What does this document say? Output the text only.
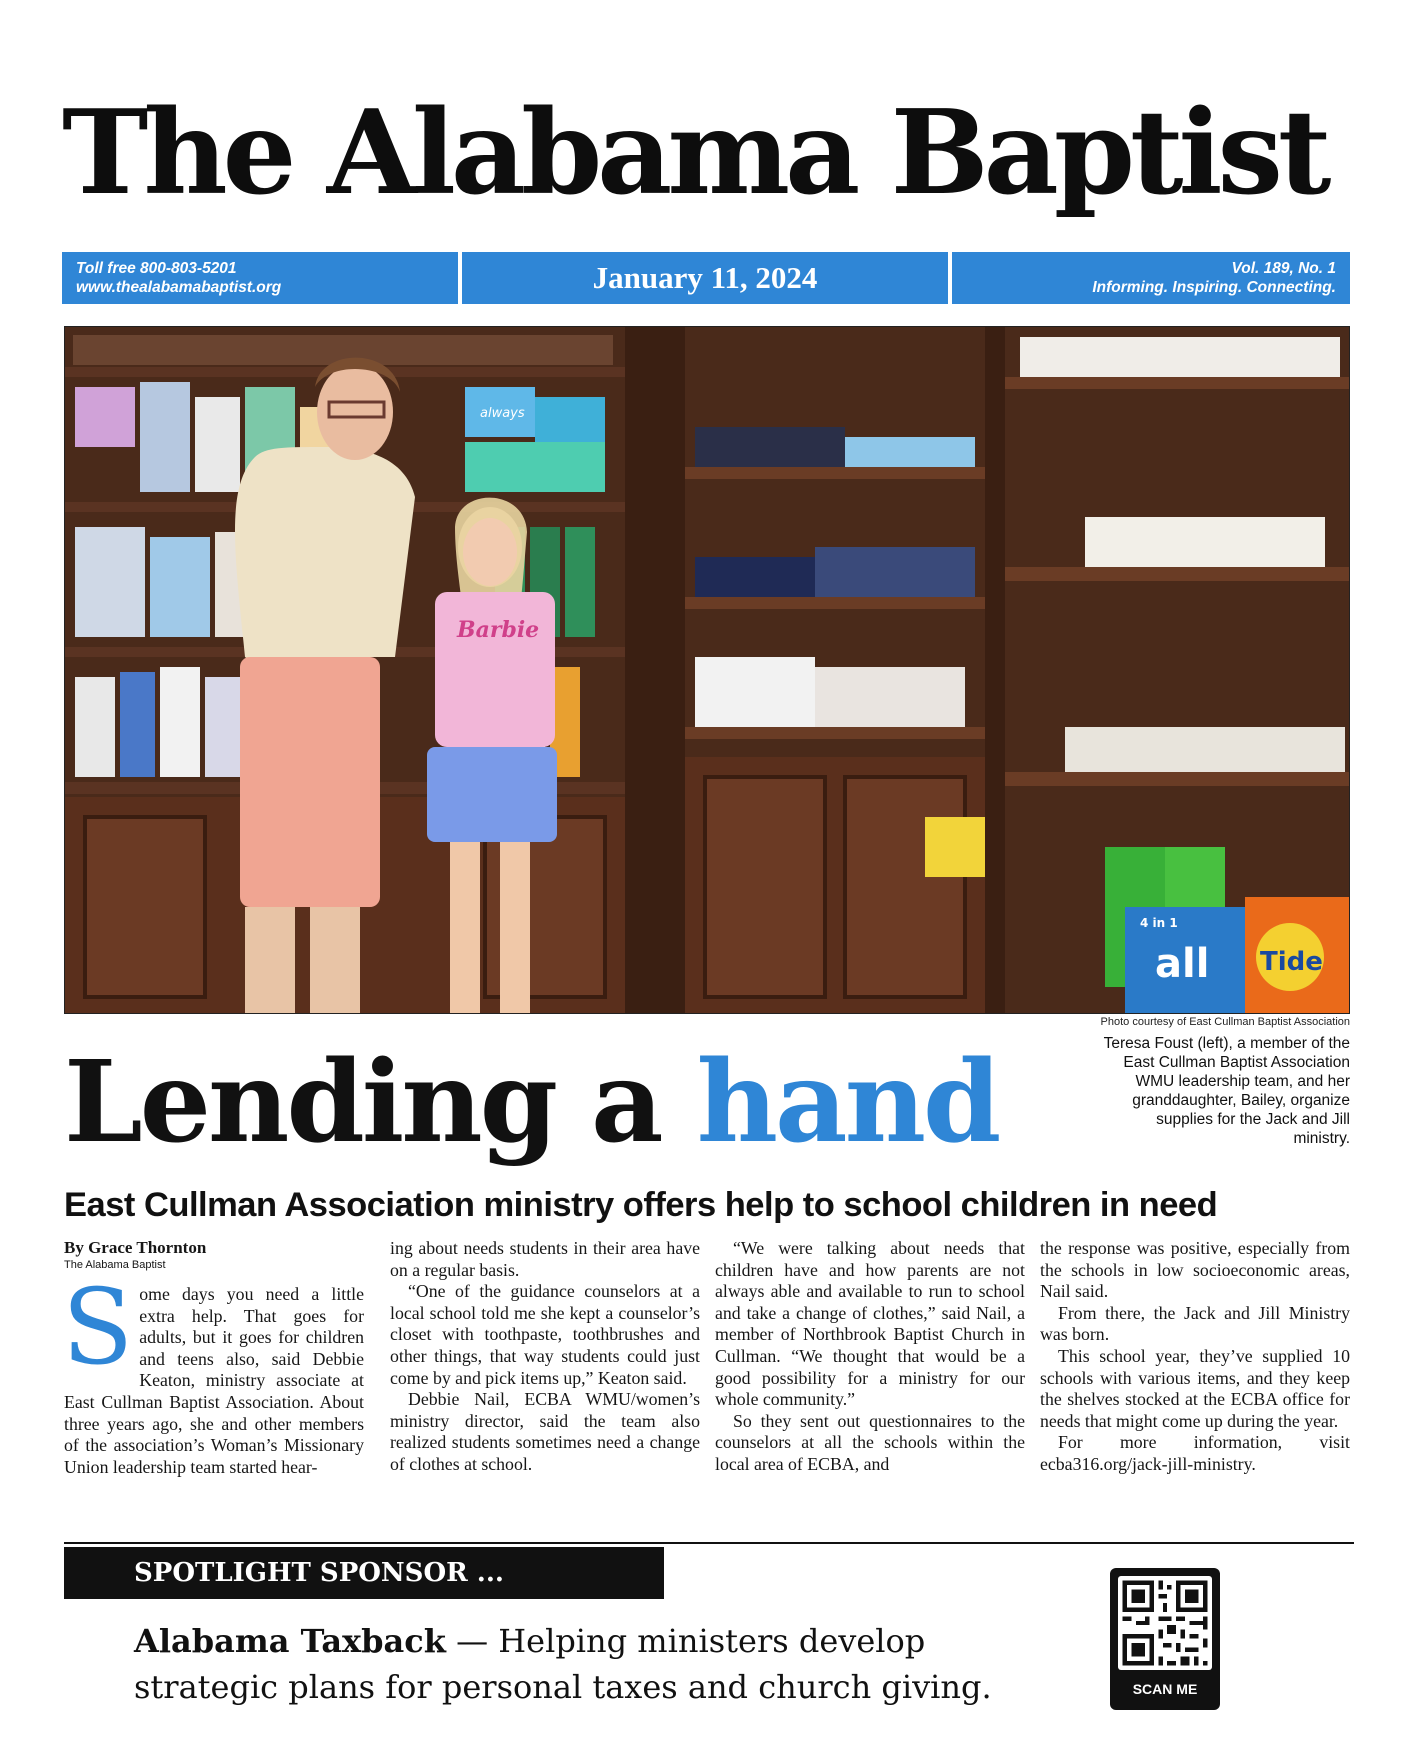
The Alabama Baptist
Toll free 800-803-5201
www.thealabamabaptist.org	January 11, 2024	Vol. 189, No. 1
Informing. Inspiring. Connecting.
all Tide
4 in 1
always
Barbie
Photo courtesy of East Cullman Baptist Association
Teresa Foust (left), a member of the East Cullman Baptist Association WMU leadership team, and her granddaughter, Bailey, organize supplies for the Jack and Jill ministry.
Lending a hand
East Cullman Association ministry offers help to school children in need
By Grace Thornton
The Alabama Baptist

Some days you need a little extra help. That goes for adults, but it goes for children and teens also, said Debbie Keaton, ministry associate at East Cullman Baptist Association. About three years ago, she and other members of the association’s Woman’s Missionary Union leadership team started hear-

ing about needs students in their area have on a regular basis.

“One of the guidance counselors at a local school told me she kept a counselor’s closet with toothpaste, toothbrushes and other things, that way students could just come by and pick items up,” Keaton said.

Debbie Nail, ECBA WMU/women’s ministry director, said the team also realized students sometimes need a change of clothes at school.

“We were talking about needs that children have and how parents are not always able and available to run to school and take a change of clothes,” said Nail, a member of Northbrook Baptist Church in Cullman. “We thought that would be a good possibility for a ministry for our whole community.”

So they sent out questionnaires to the counselors at all the schools within the local area of ECBA, and

the response was positive, especially from the schools in low socioeconomic areas, Nail said.

From there, the Jack and Jill Ministry was born.

This school year, they’ve supplied 10 schools with various items, and they keep the shelves stocked at the ECBA office for needs that might come up during the year.

For more information, visit ecba316.org/jack-jill-ministry.

SPOTLIGHT SPONSOR ...
Alabama Taxback — Helping ministers develop strategic plans for personal taxes and church giving.	SCAN ME
